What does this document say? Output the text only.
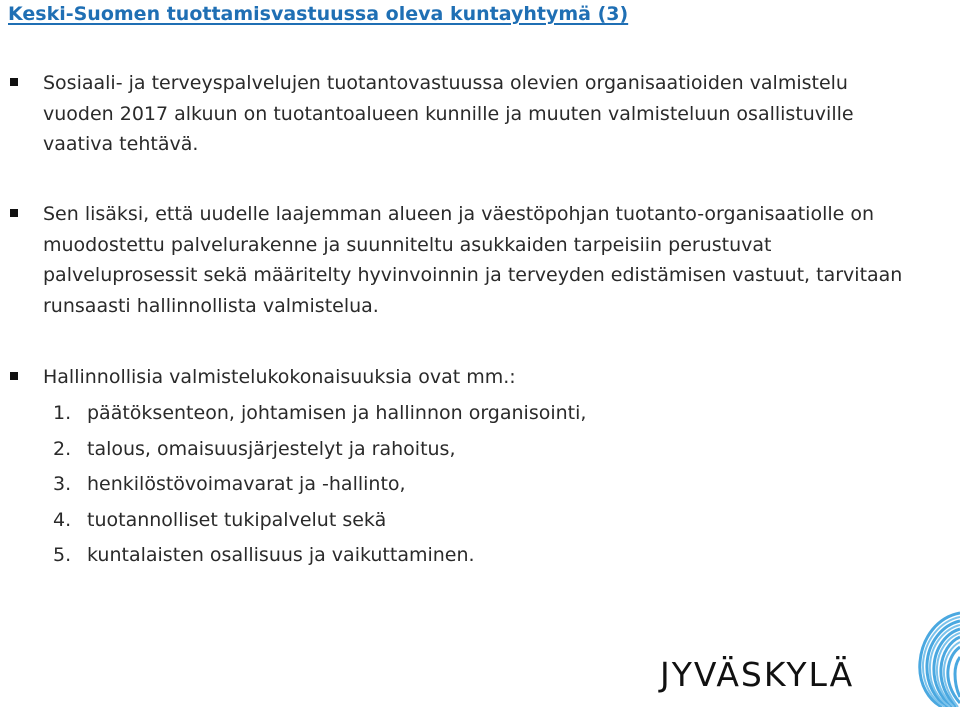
Keski-Suomen tuottamisvastuussa oleva kuntayhtymä (3)
Sosiaali- ja terveyspalvelujen tuotantovastuussa olevien organisaatioiden valmistelu vuoden 2017 alkuun on tuotantoalueen kunnille ja muuten valmisteluun osallistuville vaativa tehtävä.
Sen lisäksi, että uudelle laajemman alueen ja väestöpohjan tuotanto-organisaatiolle on muodostettu palvelurakenne ja suunniteltu asukkaiden tarpeisiin perustuvat palveluprosessit sekä määritelty hyvinvoinnin ja terveyden edistämisen vastuut, tarvitaan runsaasti hallinnollista valmistelua.
Hallinnollisia valmistelukokonaisuuksia ovat mm.:
1. päätöksenteon, johtamisen ja hallinnon organisointi,
2. talous, omaisuusjärjestelyt ja rahoitus,
3. henkilöstövoimavarat ja -hallinto,
4. tuotannolliset tukipalvelut sekä
5. kuntalaisten osallisuus ja vaikuttaminen.
JYVÄSKYLÄ
